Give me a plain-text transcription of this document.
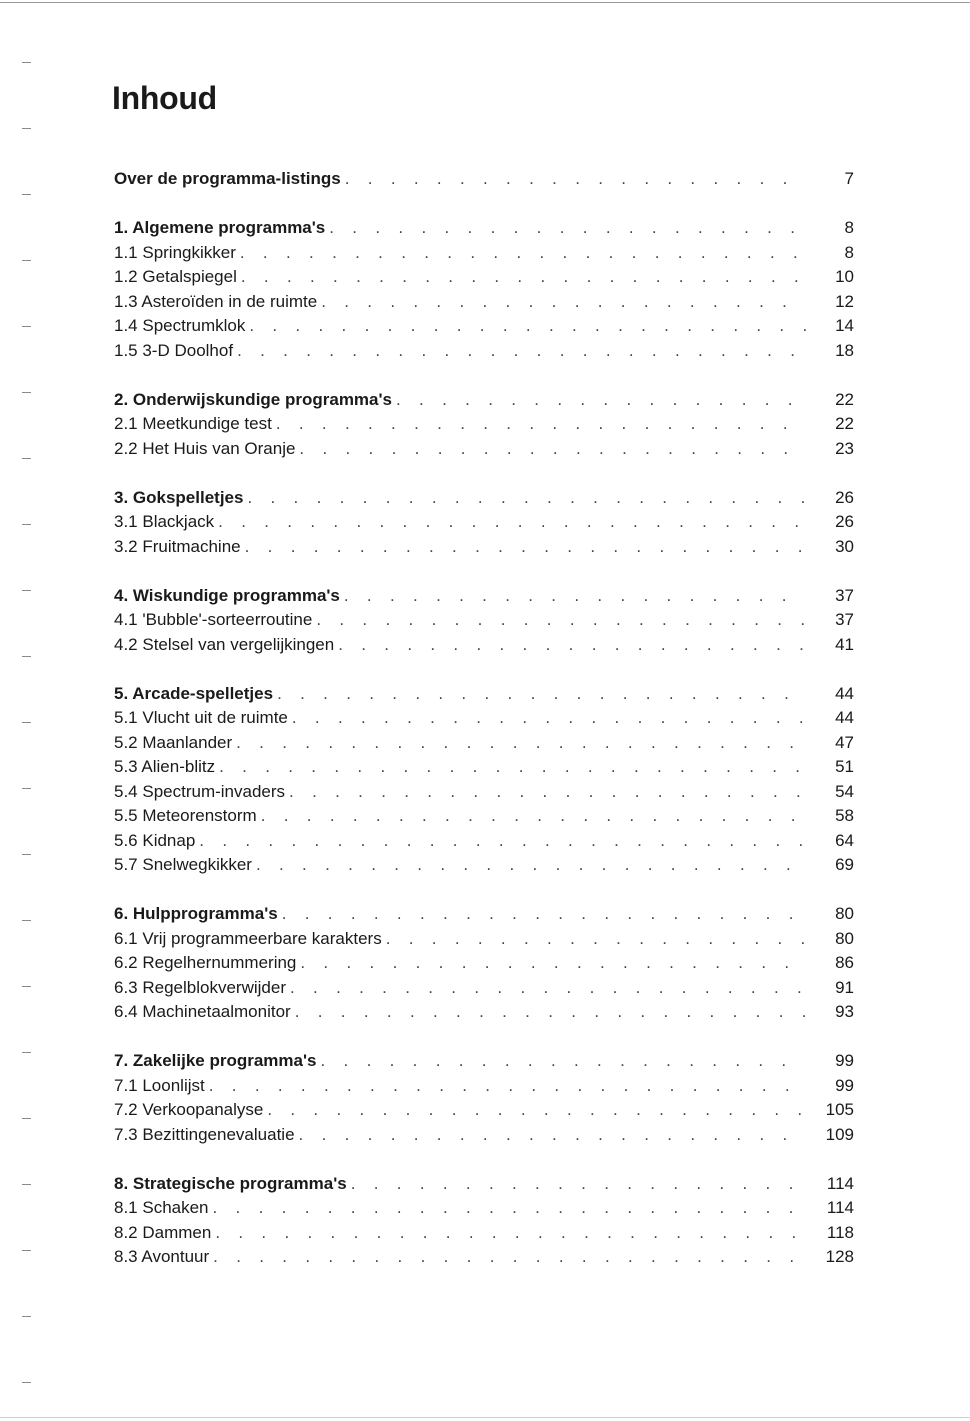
Inhoud
Over de programma-listings . . .	7
1. Algemene programma's . . .	8
1.1 Springkikker . . .	8
1.2 Getalspiegel . . .	10
1.3 Asteroïden in de ruimte . . .	12
1.4 Spectrumklok . . .	14
1.5 3-D Doolhof . . .	18
2. Onderwijskundige programma's . . .	22
2.1 Meetkundige test . . .	22
2.2 Het Huis van Oranje . . .	23
3. Gokspelletjes . . .	26
3.1 Blackjack . . .	26
3.2 Fruitmachine . . .	30
4. Wiskundige programma's . . .	37
4.1 'Bubble'-sorteerroutine . . .	37
4.2 Stelsel van vergelijkingen . . .	41
5. Arcade-spelletjes . . .	44
5.1 Vlucht uit de ruimte . . .	44
5.2 Maanlander . . .	47
5.3 Alien-blitz . . .	51
5.4 Spectrum-invaders . . .	54
5.5 Meteorenstorm . . .	58
5.6 Kidnap . . .	64
5.7 Snelwegkikker . . .	69
6. Hulpprogramma's . . .	80
6.1 Vrij programmeerbare karakters . . .	80
6.2 Regelhernummering . . .	86
6.3 Regelblokverwijder . . .	91
6.4 Machinetaalmonitor . . .	93
7. Zakelijke programma's . . .	99
7.1 Loonlijst . . .	99
7.2 Verkoopanalyse . . .	105
7.3 Bezittingenevaluatie . . .	109
8. Strategische programma's . . .	114
8.1 Schaken . . .	114
8.2 Dammen . . .	118
8.3 Avontuur . . .	128
